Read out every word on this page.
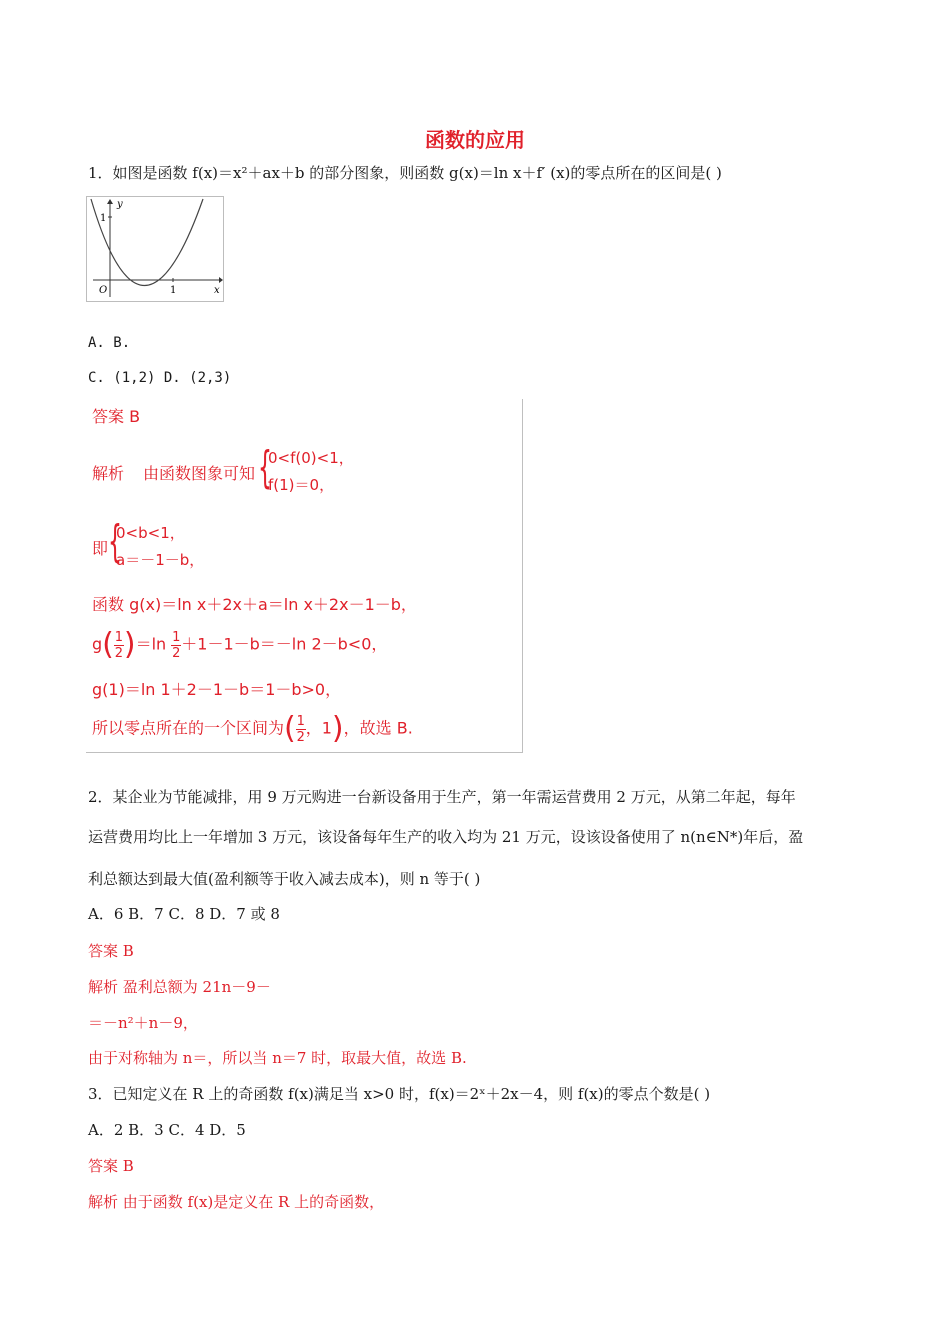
函数的应用
1．如图是函数 f(x)＝x²＋ax＋b 的部分图象，则函数 g(x)＝ln x＋f′ (x)的零点所在的区间是( )
y
x
O
1
1
A. B.
C. (1,2) D. (2,3)
答案 B
解析 由函数图象可知 {
0<f(0)<1，
f(1)＝0，
即 {
0<b<1，
a＝－1－b，
函数 g(x)＝ln x＋2x＋a＝ln x＋2x－1－b，
$g( \frac{1}{2} )=\ln \frac{1}{2} +1-1-b=-\ln$ 2－b<0，
g(1)＝ln 1＋2－1－b＝1－b>0，
所以零点所在的一个区间为( $\frac{1}{2}$ ，1)，故选 B.
2．某企业为节能减排，用 9 万元购进一台新设备用于生产，第一年需运营费用 2 万元，从第二年起，每年
运营费用均比上一年增加 3 万元，该设备每年生产的收入均为 21 万元，设该设备使用了 n(n∈N*)年后，盈
利总额达到最大值(盈利额等于收入减去成本)，则 n 等于( )
A．6 B．7 C．8 D．7 或 8
答案 B
解析 盈利总额为 21n－9－
＝－n²＋n－9，
由于对称轴为 n＝，所以当 n＝7 时，取最大值，故选 B.
3．已知定义在 R 上的奇函数 f(x)满足当 x>0 时，f(x)＝2ˣ＋2x－4，则 f(x)的零点个数是( )
A．2 B．3 C．4 D．5
答案 B
解析 由于函数 f(x)是定义在 R 上的奇函数，
